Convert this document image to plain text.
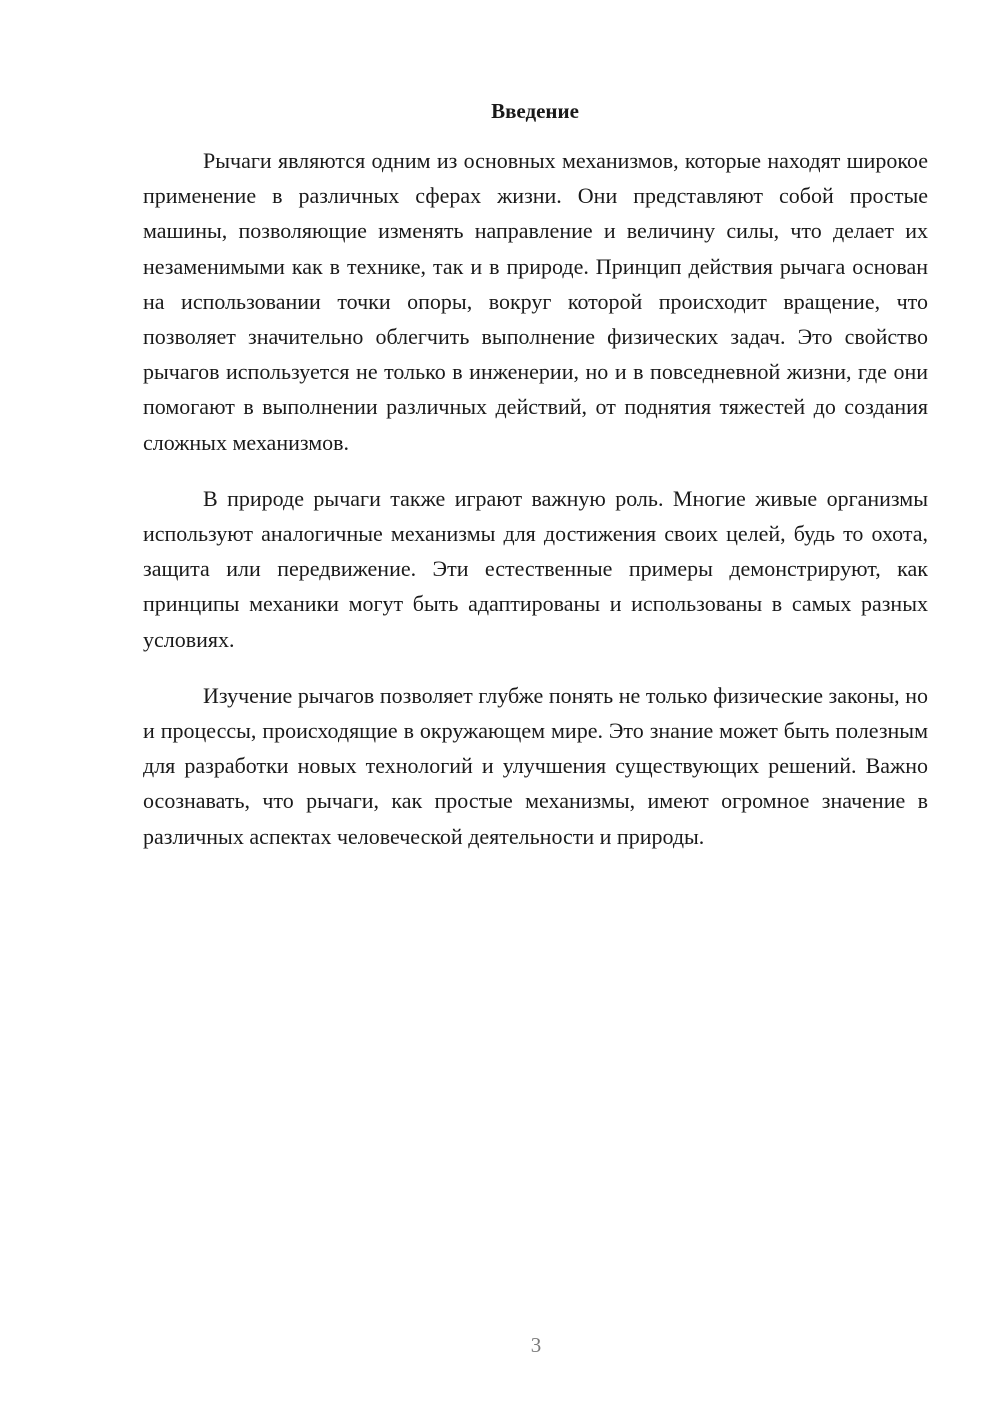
Введение

Рычаги являются одним из основных механизмов, которые находят широкое применение в различных сферах жизни. Они представляют собой простые машины, позволяющие изменять направление и величину силы, что делает их незаменимыми как в технике, так и в природе. Принцип действия рычага основан на использовании точки опоры, вокруг которой происходит вращение, что позволяет значительно облегчить выполнение физических задач. Это свойство рычагов используется не только в инженерии, но и в повседневной жизни, где они помогают в выполнении различных действий, от поднятия тяжестей до создания сложных механизмов.

В природе рычаги также играют важную роль. Многие живые организмы используют аналогичные механизмы для достижения своих целей, будь то охота, защита или передвижение. Эти естественные примеры демонстрируют, как принципы механики могут быть адаптированы и использованы в самых разных условиях.

Изучение рычагов позволяет глубже понять не только физические законы, но и процессы, происходящие в окружающем мире. Это знание может быть полезным для разработки новых технологий и улучшения существующих решений. Важно осознавать, что рычаги, как простые механизмы, имеют огромное значение в различных аспектах человеческой деятельности и природы.

3
